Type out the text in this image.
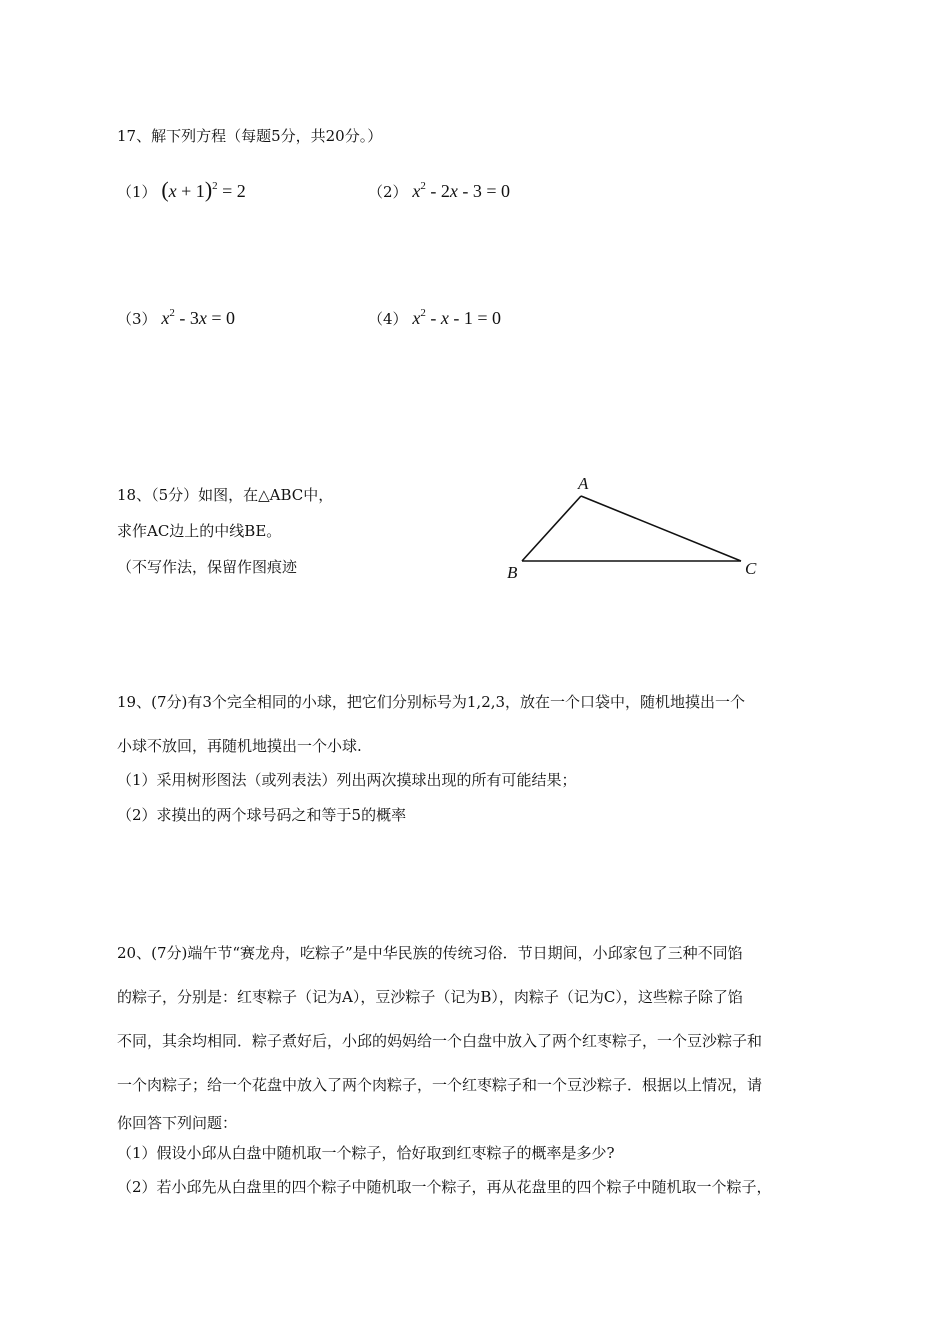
17、解下列方程（每题5分，共20分。）
（1） $(x + 1)^2 = 2$	（2） $x^2 - 2x - 3 = 0$
（3） $x^2 - 3x = 0$	（4） $x^2 - x - 1 = 0$
18、（5分）如图，在△ABC中，
求作AC边上的中线BE。
（不写作法，保留作图痕迹
A
B	C
19、(7分)有3个完全相同的小球，把它们分别标号为1,2,3，放在一个口袋中，随机地摸出一个
小球不放回，再随机地摸出一个小球.
（1）采用树形图法（或列表法）列出两次摸球出现的所有可能结果；
（2）求摸出的两个球号码之和等于5的概率
20、(7分)端午节“赛龙舟，吃粽子”是中华民族的传统习俗．节日期间，小邱家包了三种不同馅
的粽子，分别是：红枣粽子（记为A），豆沙粽子（记为B），肉粽子（记为C），这些粽子除了馅
不同，其余均相同．粽子煮好后，小邱的妈妈给一个白盘中放入了两个红枣粽子，一个豆沙粽子和
一个肉粽子；给一个花盘中放入了两个肉粽子，一个红枣粽子和一个豆沙粽子．根据以上情况，请
你回答下列问题：
（1）假设小邱从白盘中随机取一个粽子，恰好取到红枣粽子的概率是多少?
（2）若小邱先从白盘里的四个粽子中随机取一个粽子，再从花盘里的四个粽子中随机取一个粽子，
